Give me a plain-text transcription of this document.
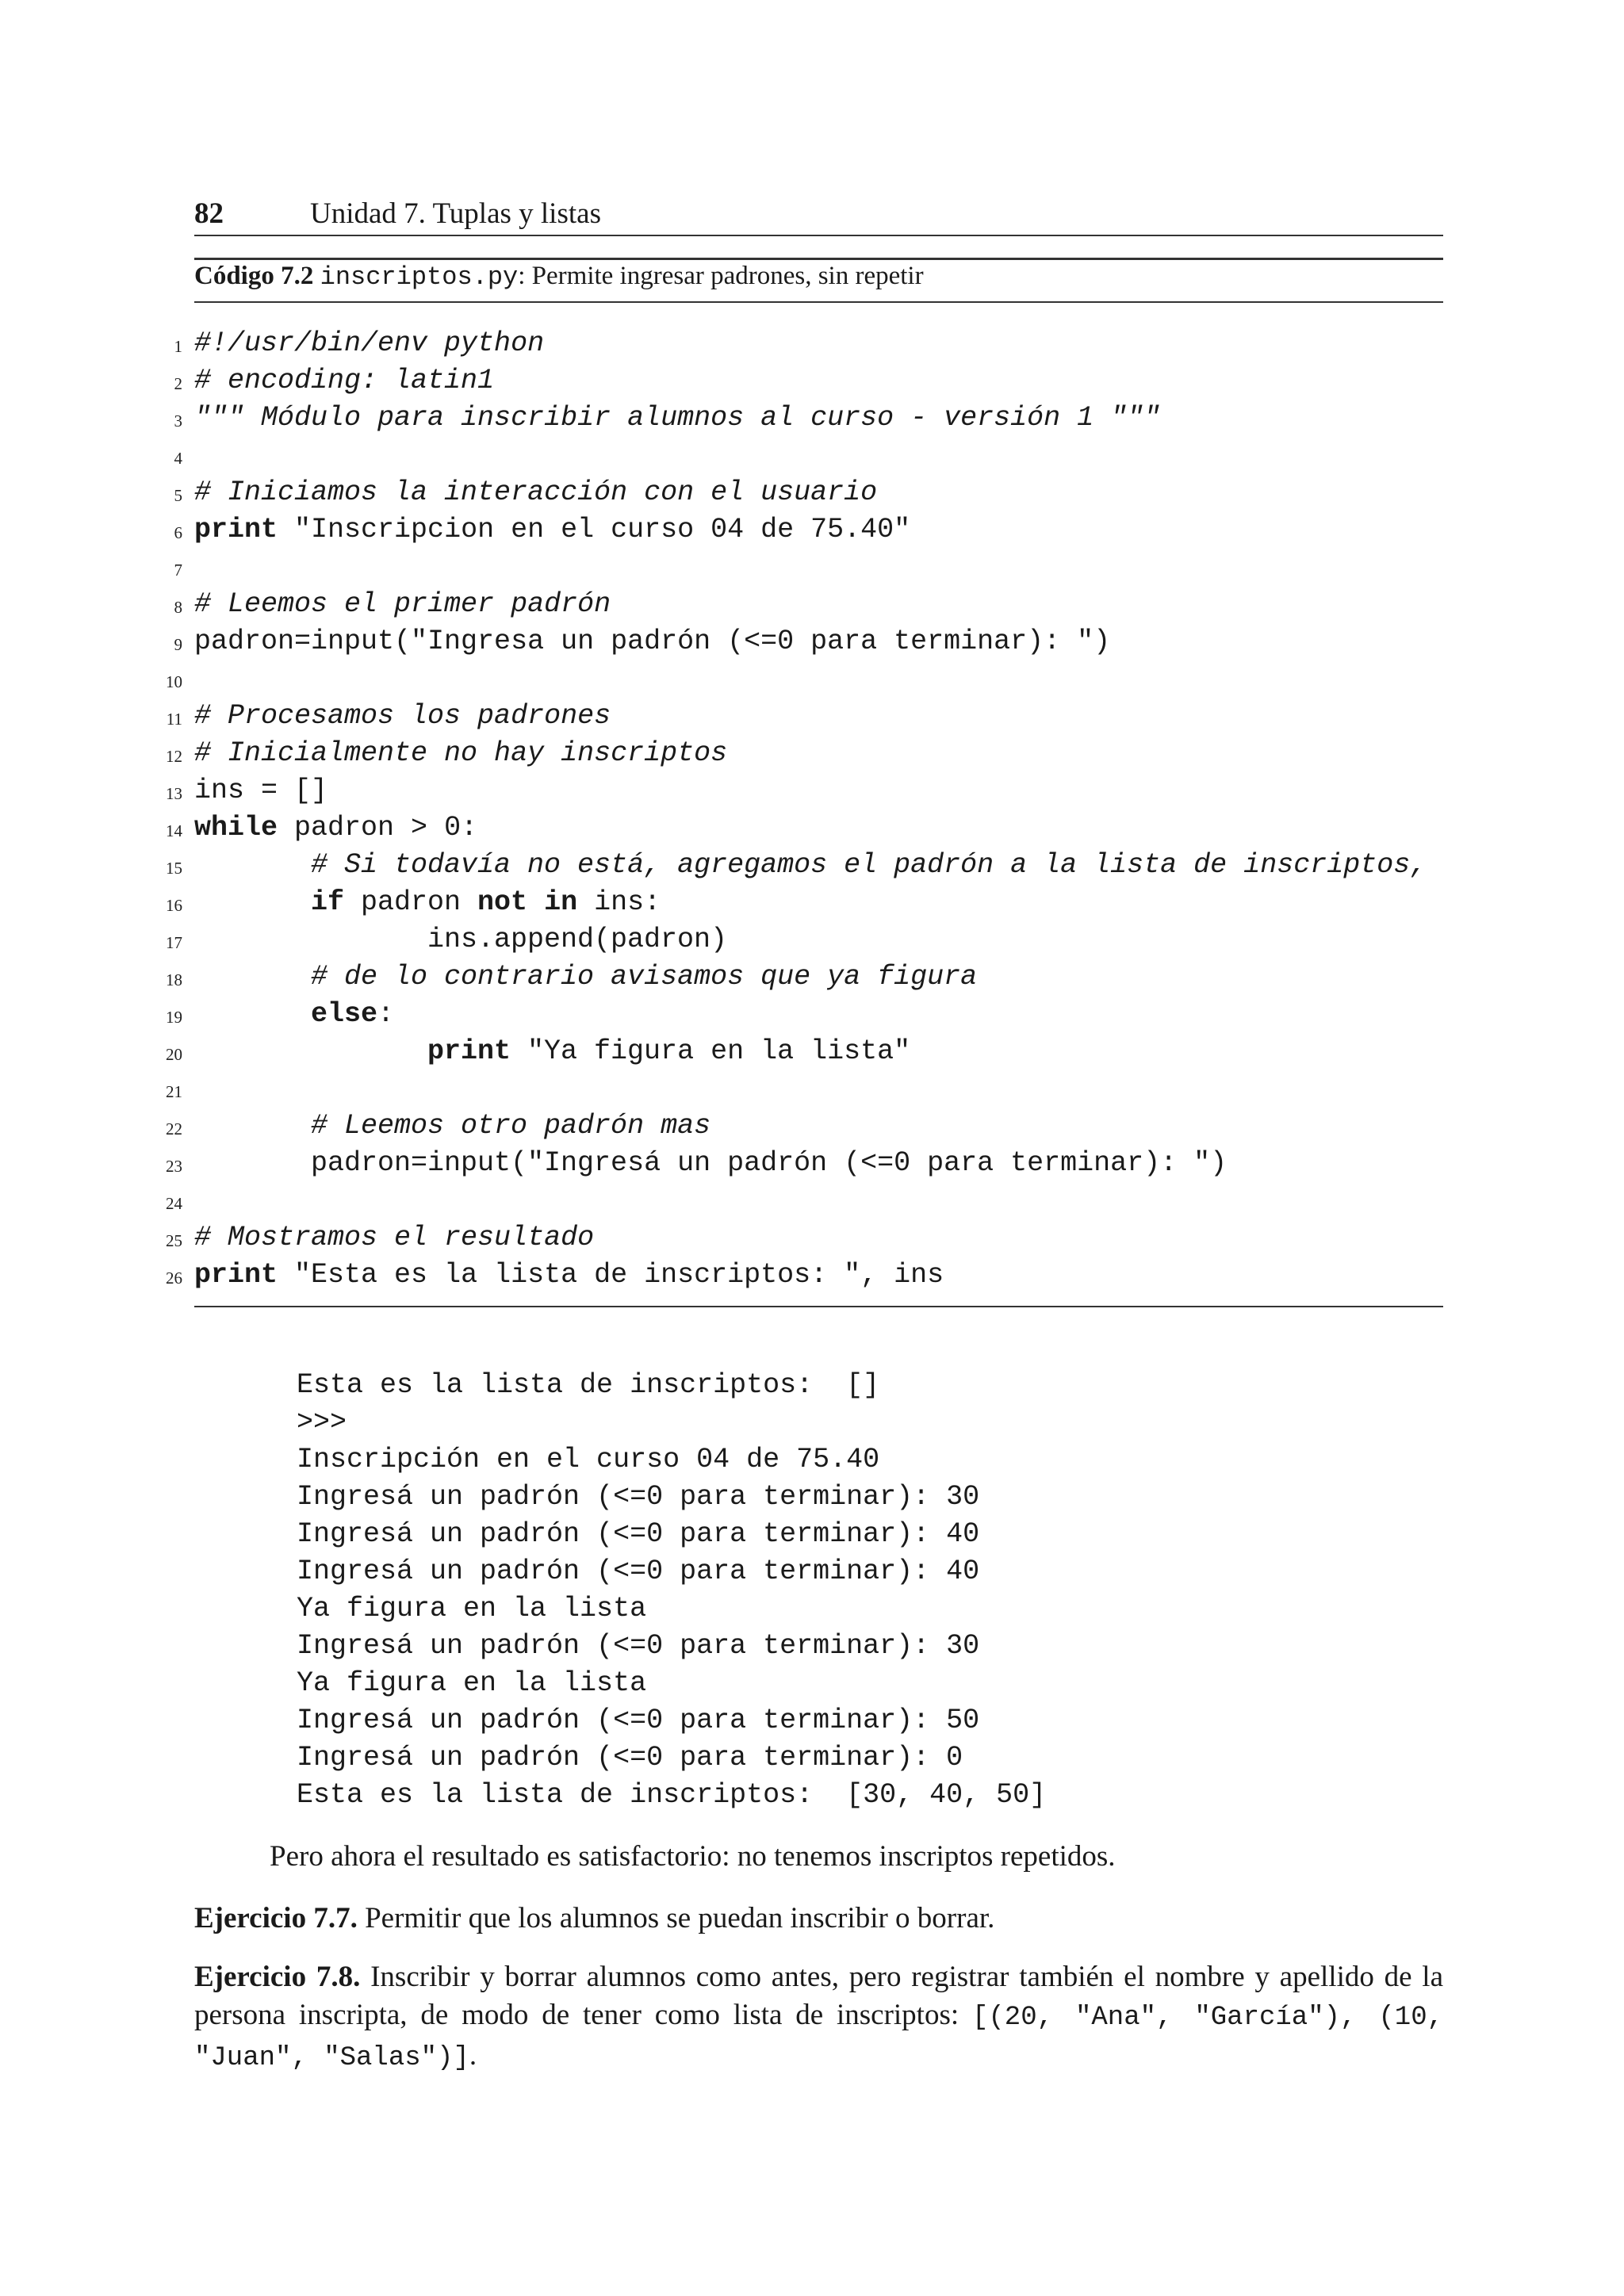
82	Unidad 7. Tuplas y listas
Código 7.2 inscriptos.py: Permite ingresar padrones, sin repetir
1 #!/usr/bin/env python
2 # encoding: latin1
3 """ Módulo para inscribir alumnos al curso - versión 1 """
4
5 # Iniciamos la interacción con el usuario
6 print "Inscripcion en el curso 04 de 75.40"
7
8 # Leemos el primer padrón
9 padron=input("Ingresa un padrón (<=0 para terminar): ")
10
11 # Procesamos los padrones
12 # Inicialmente no hay inscriptos
13 ins = []
14 while padron > 0:
15	# Si todavía no está, agregamos el padrón a la lista de inscriptos,
16	if padron not in ins:
17	ins.append(padron)
18	# de lo contrario avisamos que ya figura
19	else:
20	print "Ya figura en la lista"
21
22	# Leemos otro padrón mas
23	padron=input("Ingresá un padrón (<=0 para terminar): ")
24
25 # Mostramos el resultado
26 print "Esta es la lista de inscriptos: ", ins
Esta es la lista de inscriptos:  []
>>>
Inscripción en el curso 04 de 75.40
Ingresá un padrón (<=0 para terminar): 30
Ingresá un padrón (<=0 para terminar): 40
Ingresá un padrón (<=0 para terminar): 40
Ya figura en la lista
Ingresá un padrón (<=0 para terminar): 30
Ya figura en la lista
Ingresá un padrón (<=0 para terminar): 50
Ingresá un padrón (<=0 para terminar): 0
Esta es la lista de inscriptos:  [30, 40, 50]
Pero ahora el resultado es satisfactorio: no tenemos inscriptos repetidos.
Ejercicio 7.7. Permitir que los alumnos se puedan inscribir o borrar.
Ejercicio 7.8. Inscribir y borrar alumnos como antes, pero registrar también el nombre y apellido de la persona inscripta, de modo de tener como lista de inscriptos: [(20, "Ana", "García"), (10, "Juan", "Salas")].
